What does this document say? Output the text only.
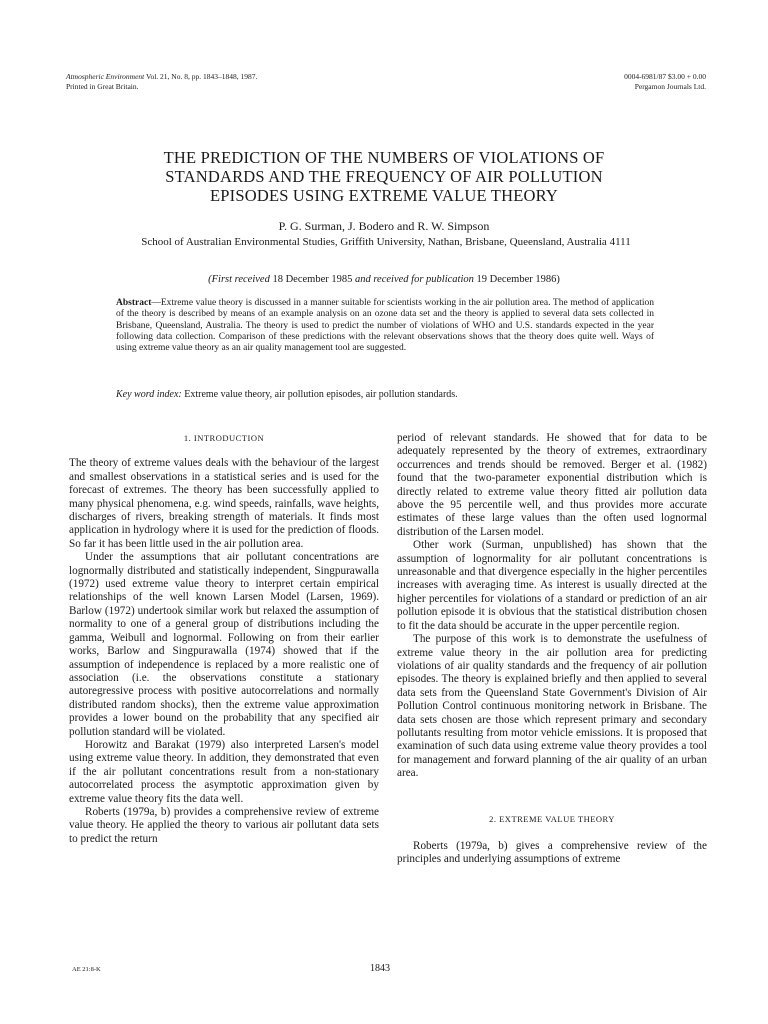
Atmospheric Environment Vol. 21, No. 8, pp. 1843–1848, 1987.
Printed in Great Britain.
0004-6981/87 $3.00 + 0.00
Pergamon Journals Ltd.
THE PREDICTION OF THE NUMBERS OF VIOLATIONS OF
STANDARDS AND THE FREQUENCY OF AIR POLLUTION
EPISODES USING EXTREME VALUE THEORY
P. G. Surman, J. Bodero and R. W. Simpson
School of Australian Environmental Studies, Griffith University, Nathan, Brisbane, Queensland, Australia 4111
(First received 18 December 1985 and received for publication 19 December 1986)
Abstract—Extreme value theory is discussed in a manner suitable for scientists working in the air pollution area. The method of application of the theory is described by means of an example analysis on an ozone data set and the theory is applied to several data sets collected in Brisbane, Queensland, Australia. The theory is used to predict the number of violations of WHO and U.S. standards expected in the year following data collection. Comparison of these predictions with the relevant observations shows that the theory does quite well. Ways of using extreme value theory as an air quality management tool are suggested.
Key word index: Extreme value theory, air pollution episodes, air pollution standards.
1. INTRODUCTION

The theory of extreme values deals with the behaviour of the largest and smallest observations in a statistical series and is used for the forecast of extremes. The theory has been successfully applied to many physical phenomena, e.g. wind speeds, rainfalls, wave heights, discharges of rivers, breaking strength of materials. It finds most application in hydrology where it is used for the prediction of floods. So far it has been little used in the air pollution area.

Under the assumptions that air pollutant concentrations are lognormally distributed and statistically independent, Singpurawalla (1972) used extreme value theory to interpret certain empirical relationships of the well known Larsen Model (Larsen, 1969). Barlow (1972) undertook similar work but relaxed the assumption of normality to one of a general group of distributions including the gamma, Weibull and lognormal. Following on from their earlier works, Barlow and Singpurawalla (1974) showed that if the assumption of independence is replaced by a more realistic one of association (i.e. the observations constitute a stationary autoregressive process with positive autocorrelations and normally distributed random shocks), then the extreme value approximation provides a lower bound on the probability that any specified air pollution standard will be violated.

Horowitz and Barakat (1979) also interpreted Larsen's model using extreme value theory. In addition, they demonstrated that even if the air pollutant concentrations result from a non-stationary autocorrelated process the asymptotic approximation given by extreme value theory fits the data well.

Roberts (1979a, b) provides a comprehensive review of extreme value theory. He applied the theory to various air pollutant data sets to predict the return

period of relevant standards. He showed that for data to be adequately represented by the theory of extremes, extraordinary occurrences and trends should be removed. Berger et al. (1982) found that the two-parameter exponential distribution which is directly related to extreme value theory fitted air pollution data above the 95 percentile well, and thus provides more accurate estimates of these large values than the often used lognormal distribution of the Larsen model.

Other work (Surman, unpublished) has shown that the assumption of lognormality for air pollutant concentrations is unreasonable and that divergence especially in the higher percentiles increases with averaging time. As interest is usually directed at the higher percentiles for violations of a standard or prediction of an air pollution episode it is obvious that the statistical distribution chosen to fit the data should be accurate in the upper percentile region.

The purpose of this work is to demonstrate the usefulness of extreme value theory in the air pollution area for predicting violations of air quality standards and the frequency of air pollution episodes. The theory is explained briefly and then applied to several data sets from the Queensland State Government's Division of Air Pollution Control continuous monitoring network in Brisbane. The data sets chosen are those which represent primary and secondary pollutants resulting from motor vehicle emissions. It is proposed that examination of such data using extreme value theory provides a tool for management and forward planning of the air quality of an urban area.

2. EXTREME VALUE THEORY

Roberts (1979a, b) gives a comprehensive review of the principles and underlying assumptions of extreme

AE 21:8-K	1843
